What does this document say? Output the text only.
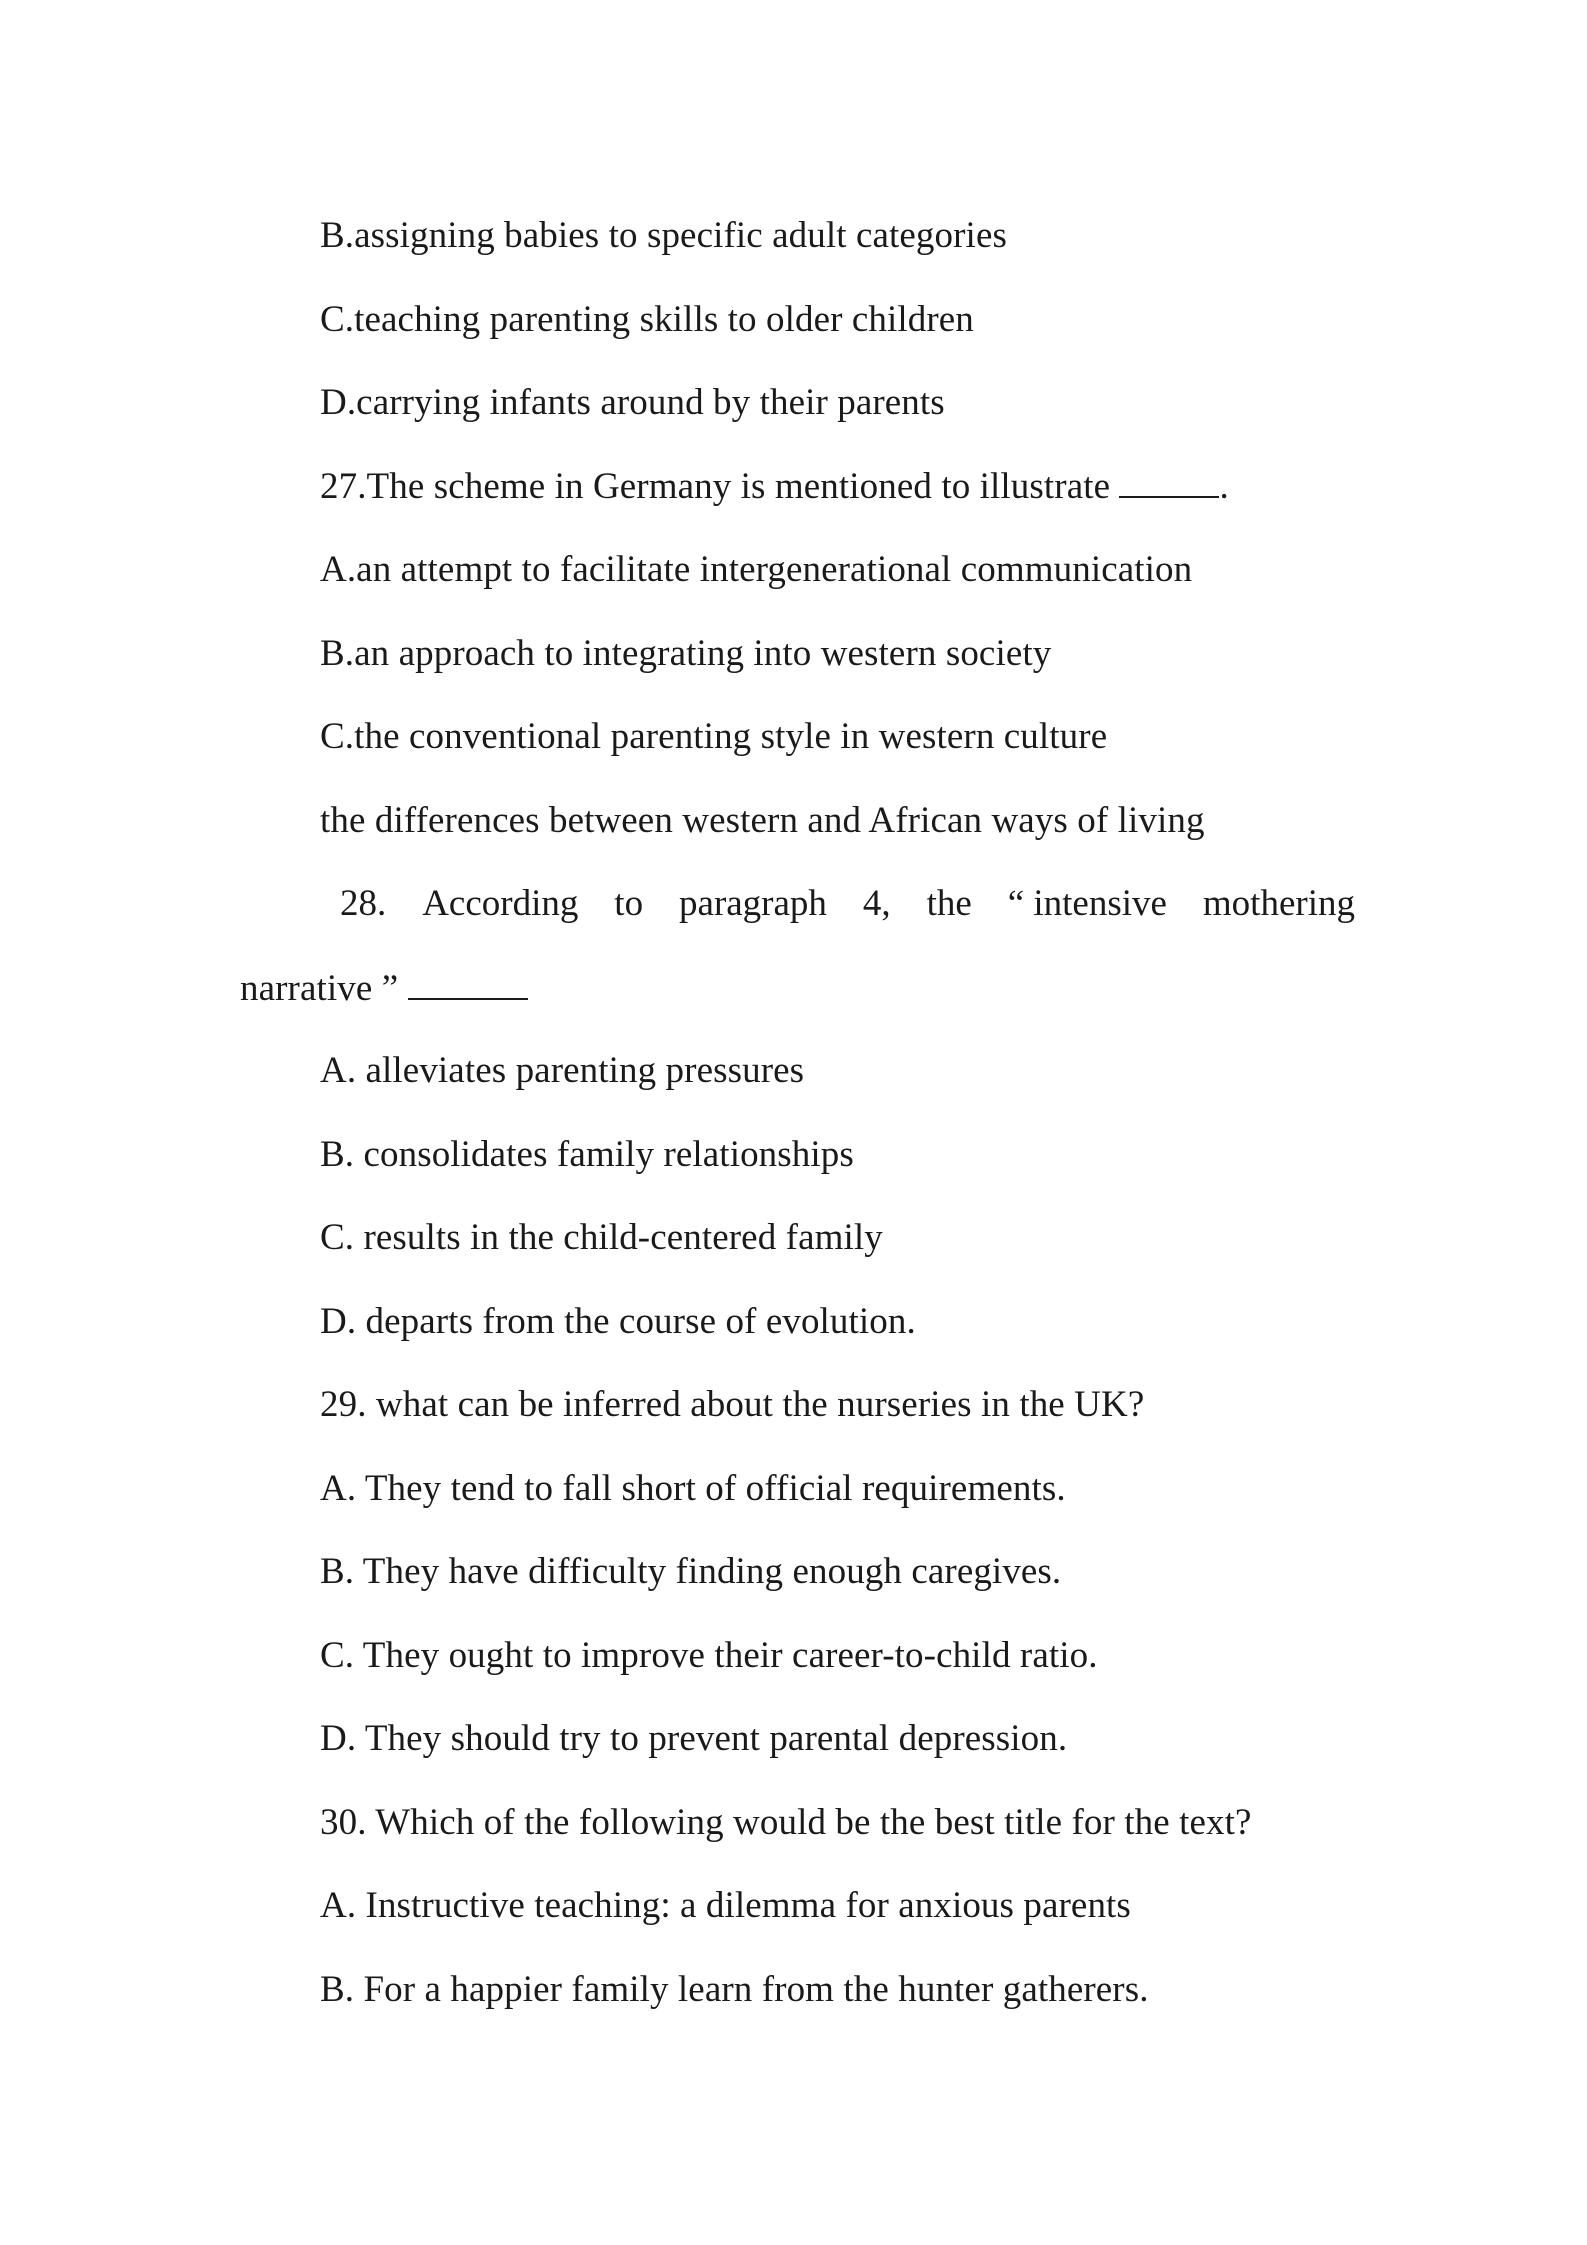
B.assigning babies to specific adult categories
C.teaching parenting skills to older children
D.carrying infants around by their parents
27.The scheme in Germany is mentioned to illustrate	.
A.an attempt to facilitate intergenerational communication
B.an approach to integrating into western society
C.the conventional parenting style in western culture
the differences between western and African ways of living
28. According to paragraph 4, the “ intensive mothering
narrative ”
A. alleviates parenting pressures
B. consolidates family relationships
C. results in the child-centered family
D. departs from the course of evolution.
29. what can be inferred about the nurseries in the UK?
A. They tend to fall short of official requirements.
B. They have difficulty finding enough caregives.
C. They ought to improve their career-to-child ratio.
D. They should try to prevent parental depression.
30. Which of the following would be the best title for the text?
A. Instructive teaching: a dilemma for anxious parents
B. For a happier family learn from the hunter gatherers.
